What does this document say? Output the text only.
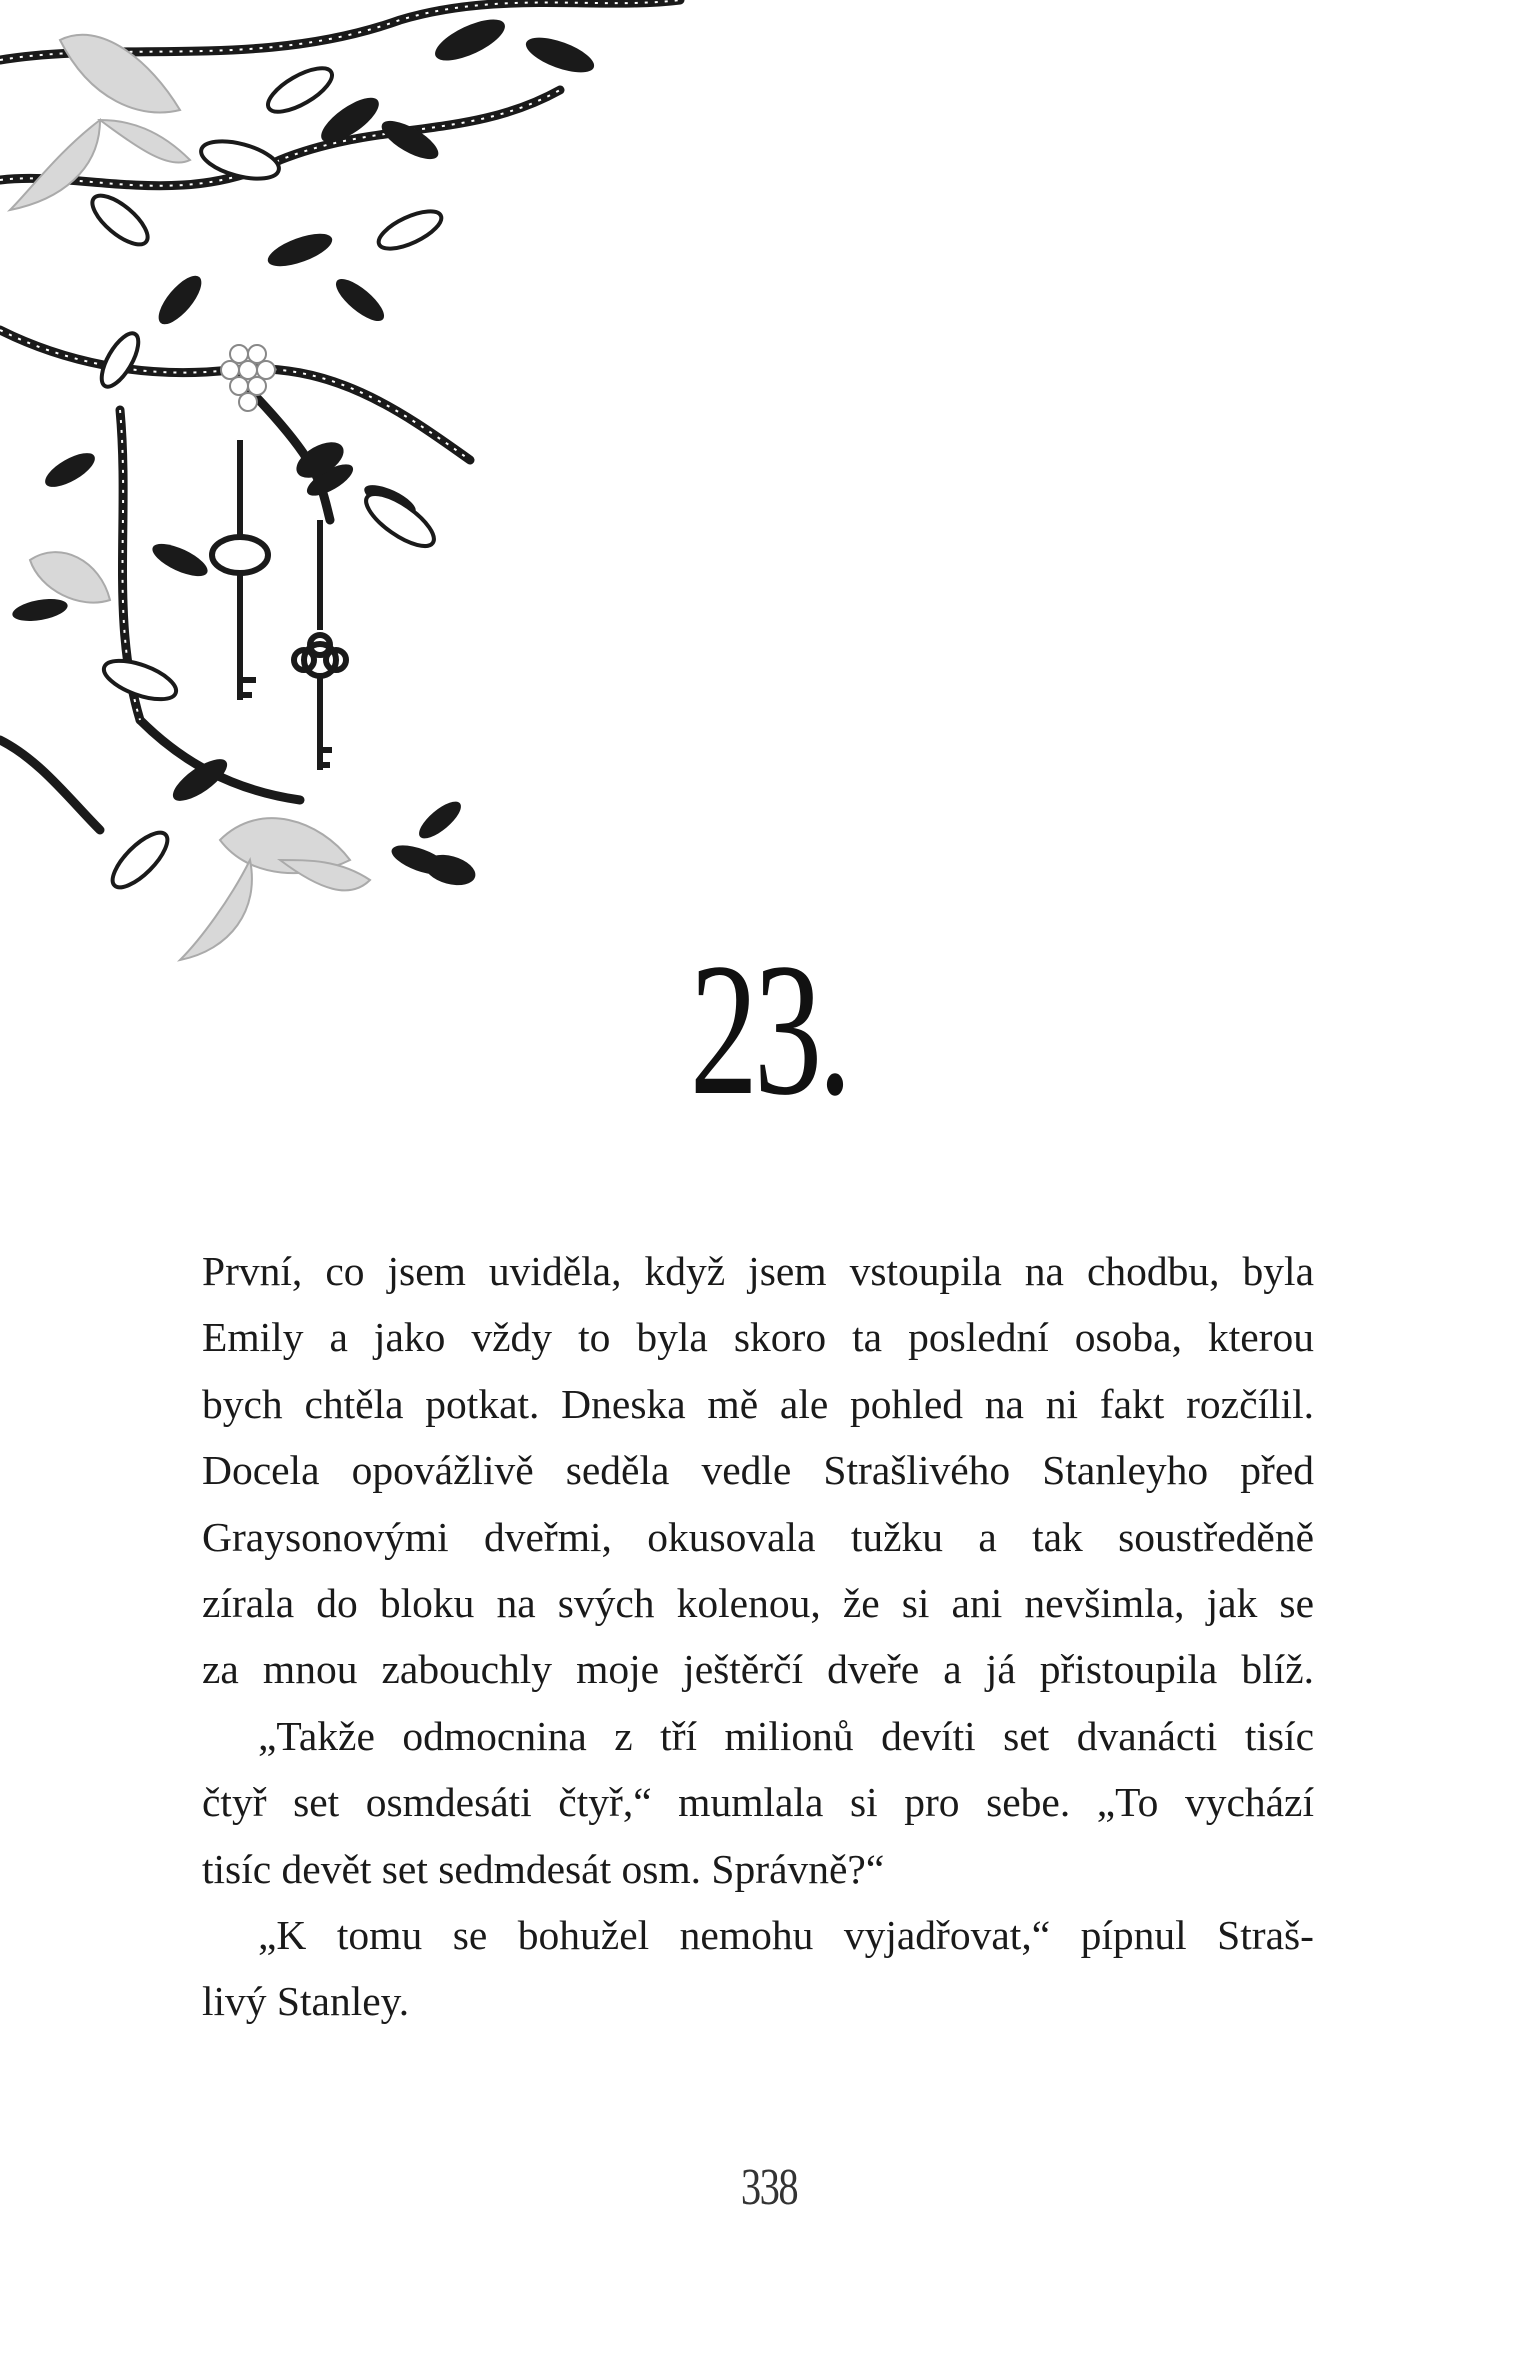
23.
První, co jsem uviděla, když jsem vstoupila na chodbu, byla
Emily a jako vždy to byla skoro ta poslední osoba, kterou
bych chtěla potkat. Dneska mě ale pohled na ni fakt rozčílil.
Docela opovážlivě seděla vedle Strašlivého Stanleyho před
Graysonovými dveřmi, okusovala tužku a tak soustředěně
zírala do bloku na svých kolenou, že si ani nevšimla, jak se
za mnou zabouchly moje ještěrčí dveře a já přistoupila blíž.
„Takže odmocnina z tří milionů devíti set dvanácti tisíc
čtyř set osmdesáti čtyř,“ mumlala si pro sebe. „To vychází
tisíc devět set sedmdesát osm. Správně?“
„K tomu se bohužel nemohu vyjadřovat,“ pípnul Straš-
livý Stanley.
338
